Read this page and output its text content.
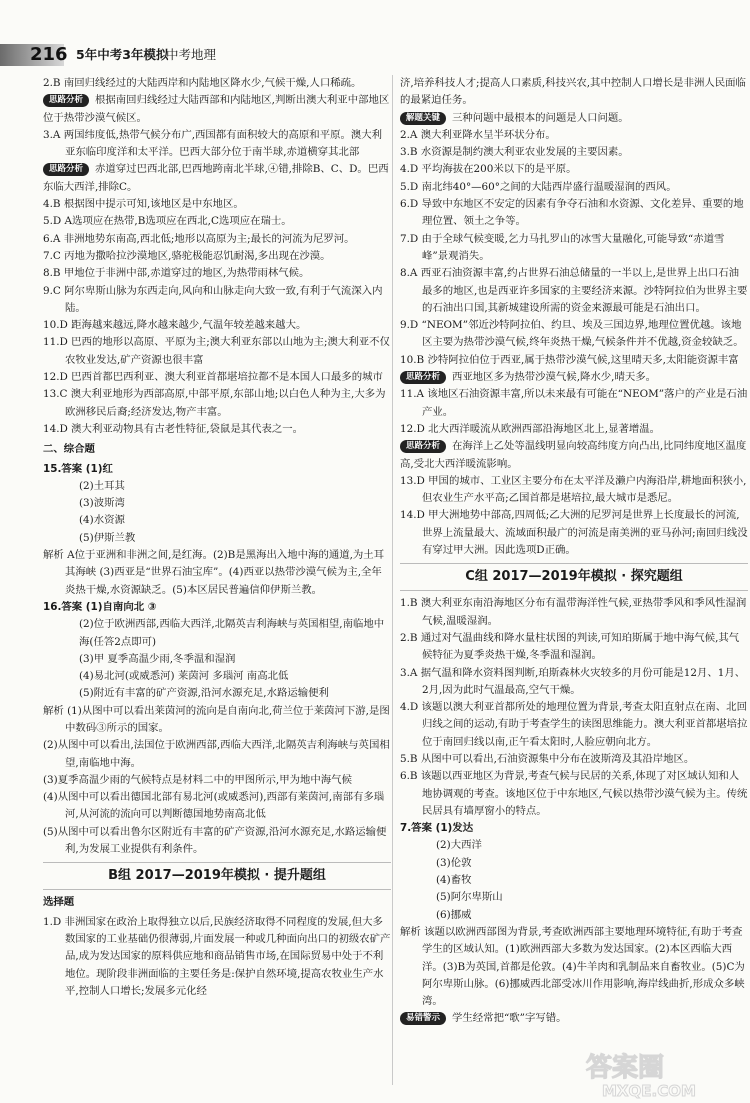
216 5年中考3年模拟
中考地理

2.B 南回归线经过的大陆西岸和内陆地区降水少,气候干燥,人口稀疏。

思路分析 根据南回归线经过大陆西部和内陆地区,判断出澳大利亚中部地区位于热带沙漠气候区。

3.A 两国纬度低,热带气候分布广,西国都有面积较大的高原和平原。澳大利亚东临印度洋和太平洋。巴西大部分位于南半球,赤道横穿其北部

思路分析 赤道穿过巴西北部,巴西地跨南北半球,④错,排除B、C、D。巴西东临大西洋,排除C。

4.B 根据图中提示可知,该地区是中东地区。

5.D A选项应在热带,B选项应在西北,C选项应在瑞士。

6.A 非洲地势东南高,西北低;地形以高原为主;最长的河流为尼罗河。

7.C 丙地为撒哈拉沙漠地区,骆驼极能忍饥耐渴,多出现在沙漠。

8.B 甲地位于非洲中部,赤道穿过的地区,为热带雨林气候。

9.C 阿尔卑斯山脉为东西走向,风向和山脉走向大致一致,有利于气流深入内陆。

10.D 距海越来越远,降水越来越少,气温年较差越来越大。

11.D 巴西的地形以高原、平原为主;澳大利亚东部以山地为主;澳大利亚不仅农牧业发达,矿产资源也很丰富

12.D 巴西首都巴西利亚、澳大利亚首都堪培拉都不是本国人口最多的城市

13.C 澳大利亚地形为西部高原,中部平原,东部山地;以白色人种为主,大多为欧洲移民后裔;经济发达,物产丰富。

14.D 澳大利亚动物具有古老性特征,袋鼠是其代表之一。

二、综合题

15.答案 (1)红

(2)土耳其

(3)波斯湾

(4)水资源

(5)伊斯兰教

解析 A位于亚洲和非洲之间,是红海。(2)B是黑海出入地中海的通道,为土耳其海峡 (3)西亚是“世界石油宝库”。(4)西亚以热带沙漠气候为主,全年炎热干燥,水资源缺乏。(5)本区居民普遍信仰伊斯兰教。

16.答案 (1)自南向北 ③

(2)位于欧洲西部,西临大西洋,北隔英吉利海峡与英国相望,南临地中海(任答2点即可)

(3)甲 夏季高温少雨,冬季温和湿润

(4)易北河(或威悉河) 莱茵河 多瑙河 南高北低

(5)附近有丰富的矿产资源,沿河水源充足,水路运输便利

解析 (1)从图中可以看出莱茵河的流向是自南向北,荷兰位于莱茵河下游,是图中数码③所示的国家。

(2)从图中可以看出,法国位于欧洲西部,西临大西洋,北隔英吉利海峡与英国相望,南临地中海。

(3)夏季高温少雨的气候特点是材料二中的甲图所示,甲为地中海气候

(4)从图中可以看出德国北部有易北河(或威悉河),西部有莱茵河,南部有多瑙河,从河流的流向可以判断德国地势南高北低

(5)从图中可以看出鲁尔区附近有丰富的矿产资源,沿河水源充足,水路运输便利,为发展工业提供有利条件。

B组 2017—2019年模拟 · 提升题组

选择题

1.D 非洲国家在政治上取得独立以后,民族经济取得不同程度的发展,但大多数国家的工业基础仍很薄弱,片面发展一种或几种面向出口的初级农矿产品,成为发达国家的原料供应地和商品销售市场,在国际贸易中处于不利地位。现阶段非洲面临的主要任务是:保护自然环境,提高农牧业生产水平,控制人口增长;发展多元化经

济,培养科技人才;提高人口素质,科技兴农,其中控制人口增长是非洲人民面临的最紧迫任务。

解题关键 三种问题中最根本的问题是人口问题。

2.A 澳大利亚降水呈半环状分布。

3.B 水资源是制约澳大利亚农业发展的主要因素。

4.D 平均海拔在200米以下的是平原。

5.D 南北纬40°—60°之间的大陆西岸盛行温暖湿润的西风。

6.D 导致中东地区不安定的因素有争夺石油和水资源、文化差异、重要的地理位置、领土之争等。

7.D 由于全球气候变暖,乞力马扎罗山的冰雪大量融化,可能导致“赤道雪峰”景观消失。

8.A 西亚石油资源丰富,约占世界石油总储量的一半以上,是世界上出口石油最多的地区,也是西亚许多国家的主要经济来源。沙特阿拉伯为世界主要的石油出口国,其新城建设所需的资金来源最可能是石油出口。

9.D “NEOM”邻近沙特阿拉伯、约旦、埃及三国边界,地理位置优越。该地区主要为热带沙漠气候,终年炎热干燥,气候条件并不优越,资金较缺乏。

10.B 沙特阿拉伯位于西亚,属于热带沙漠气候,这里晴天多,太阳能资源丰富

思路分析 西亚地区多为热带沙漠气候,降水少,晴天多。

11.A 该地区石油资源丰富,所以未来最有可能在“NEOM”落户的产业是石油产业。

12.D 北大西洋暖流从欧洲西部沿海地区北上,显著增温。

思路分析 在海洋上乙处等温线明显向较高纬度方向凸出,比同纬度地区温度高,受北大西洋暖流影响。

13.D 甲国的城市、工业区主要分布在太平洋及濑户内海沿岸,耕地面积狭小,但农业生产水平高;乙国首都是堪培拉,最大城市是悉尼。

14.D 甲大洲地势中部高,四周低;乙大洲的尼罗河是世界上长度最长的河流,世界上流量最大、流域面积最广的河流是南美洲的亚马孙河;南回归线没有穿过甲大洲。因此选项D正确。

C组 2017—2019年模拟 · 探究题组

1.B 澳大利亚东南沿海地区分布有温带海洋性气候,亚热带季风和季风性湿润气候,温暖湿润。

2.B 通过对气温曲线和降水量柱状图的判读,可知珀斯属于地中海气候,其气候特征为夏季炎热干燥,冬季温和湿润。

3.A 据气温和降水资料图判断,珀斯森林火灾较多的月份可能是12月、1月、2月,因为此时气温最高,空气干燥。

4.D 该题以澳大利亚首都所处的地理位置为背景,考查太阳直射点在南、北回归线之间的运动,有助于考查学生的读图思维能力。澳大利亚首都堪培拉位于南回归线以南,正午看太阳时,人脸应朝向北方。

5.B 从图中可以看出,石油资源集中分布在波斯湾及其沿岸地区。

6.B 该题以西亚地区为背景,考查气候与民居的关系,体现了对区域认知和人地协调观的考查。该地区位于中东地区,气候以热带沙漠气候为主。传统民居具有墙厚窗小的特点。

7.答案 (1)发达

(2)大西洋

(3)伦敦

(4)畜牧

(5)阿尔卑斯山

(6)挪威

解析 该题以欧洲西部图为背景,考查欧洲西部主要地理环境特征,有助于考查学生的区域认知。(1)欧洲西部大多数为发达国家。(2)本区西临大西洋。(3)B为英国,首都是伦敦。(4)牛羊肉和乳制品来自畜牧业。(5)C为阿尔卑斯山脉。(6)挪威西北部受冰川作用影响,海岸线曲折,形成众多峡湾。

易错警示 学生经常把“歌”字写错。

答案圈
MXQE.COM
